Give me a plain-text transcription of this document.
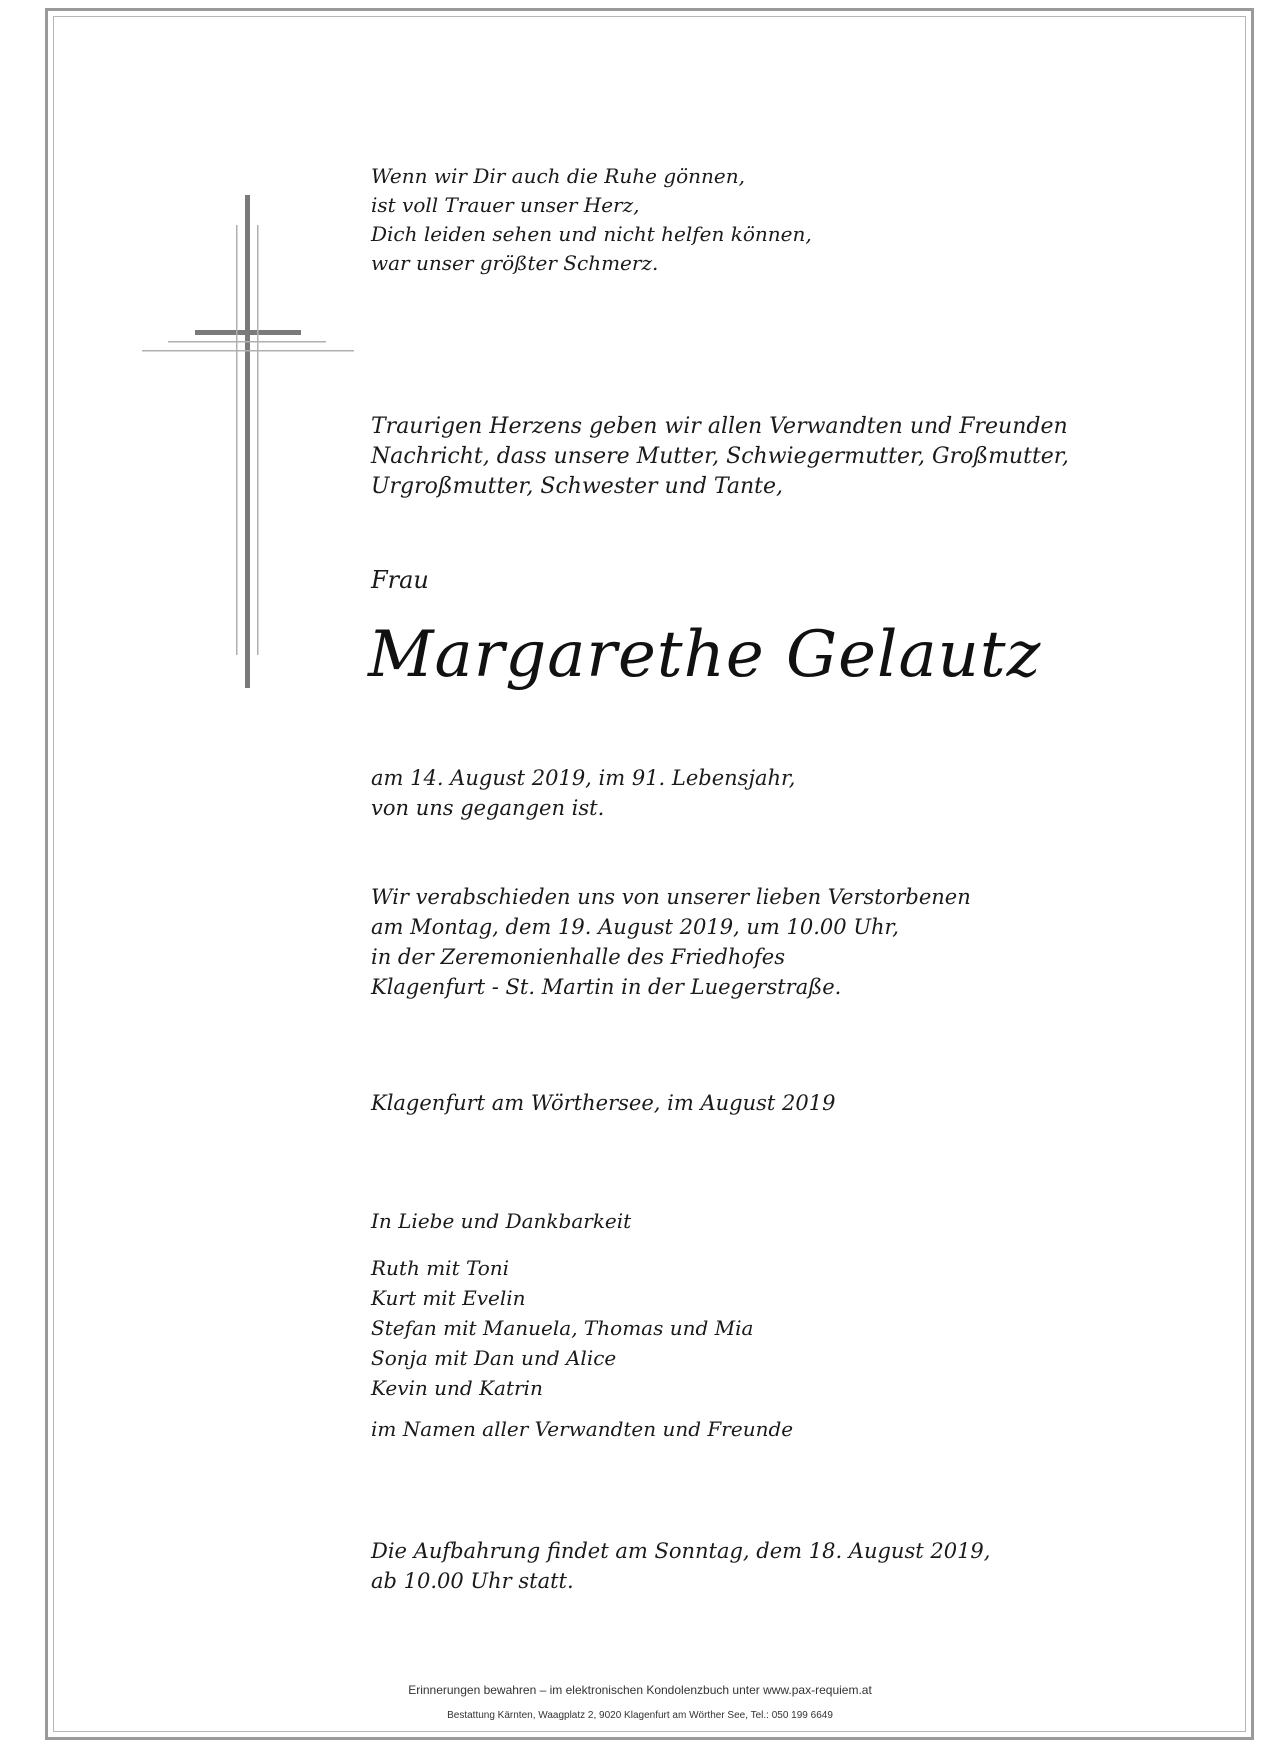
Wenn wir Dir auch die Ruhe gönnen,

ist voll Trauer unser Herz,

Dich leiden sehen und nicht helfen können,

war unser größter Schmerz.

Traurigen Herzens geben wir allen Verwandten und Freunden

Nachricht, dass unsere Mutter, Schwiegermutter, Großmutter,

Urgroßmutter, Schwester und Tante,

Frau
Margarethe Gelautz

am 14. August 2019, im 91. Lebensjahr,

von uns gegangen ist.

Wir verabschieden uns von unserer lieben Verstorbenen

am Montag, dem 19. August 2019, um 10.00 Uhr,

in der Zeremonienhalle des Friedhofes

Klagenfurt - St. Martin in der Luegerstraße.

Klagenfurt am Wörthersee, im August 2019
In Liebe und Dankbarkeit

Ruth mit Toni

Kurt mit Evelin

Stefan mit Manuela, Thomas und Mia

Sonja mit Dan und Alice

Kevin und Katrin

im Namen aller Verwandten und Freunde

Die Aufbahrung findet am Sonntag, dem 18. August 2019,

ab 10.00 Uhr statt.

Erinnerungen bewahren – im elektronischen Kondolenzbuch unter www.pax-requiem.at
Bestattung Kärnten, Waagplatz 2, 9020 Klagenfurt am Wörther See, Tel.: 050 199 6649
